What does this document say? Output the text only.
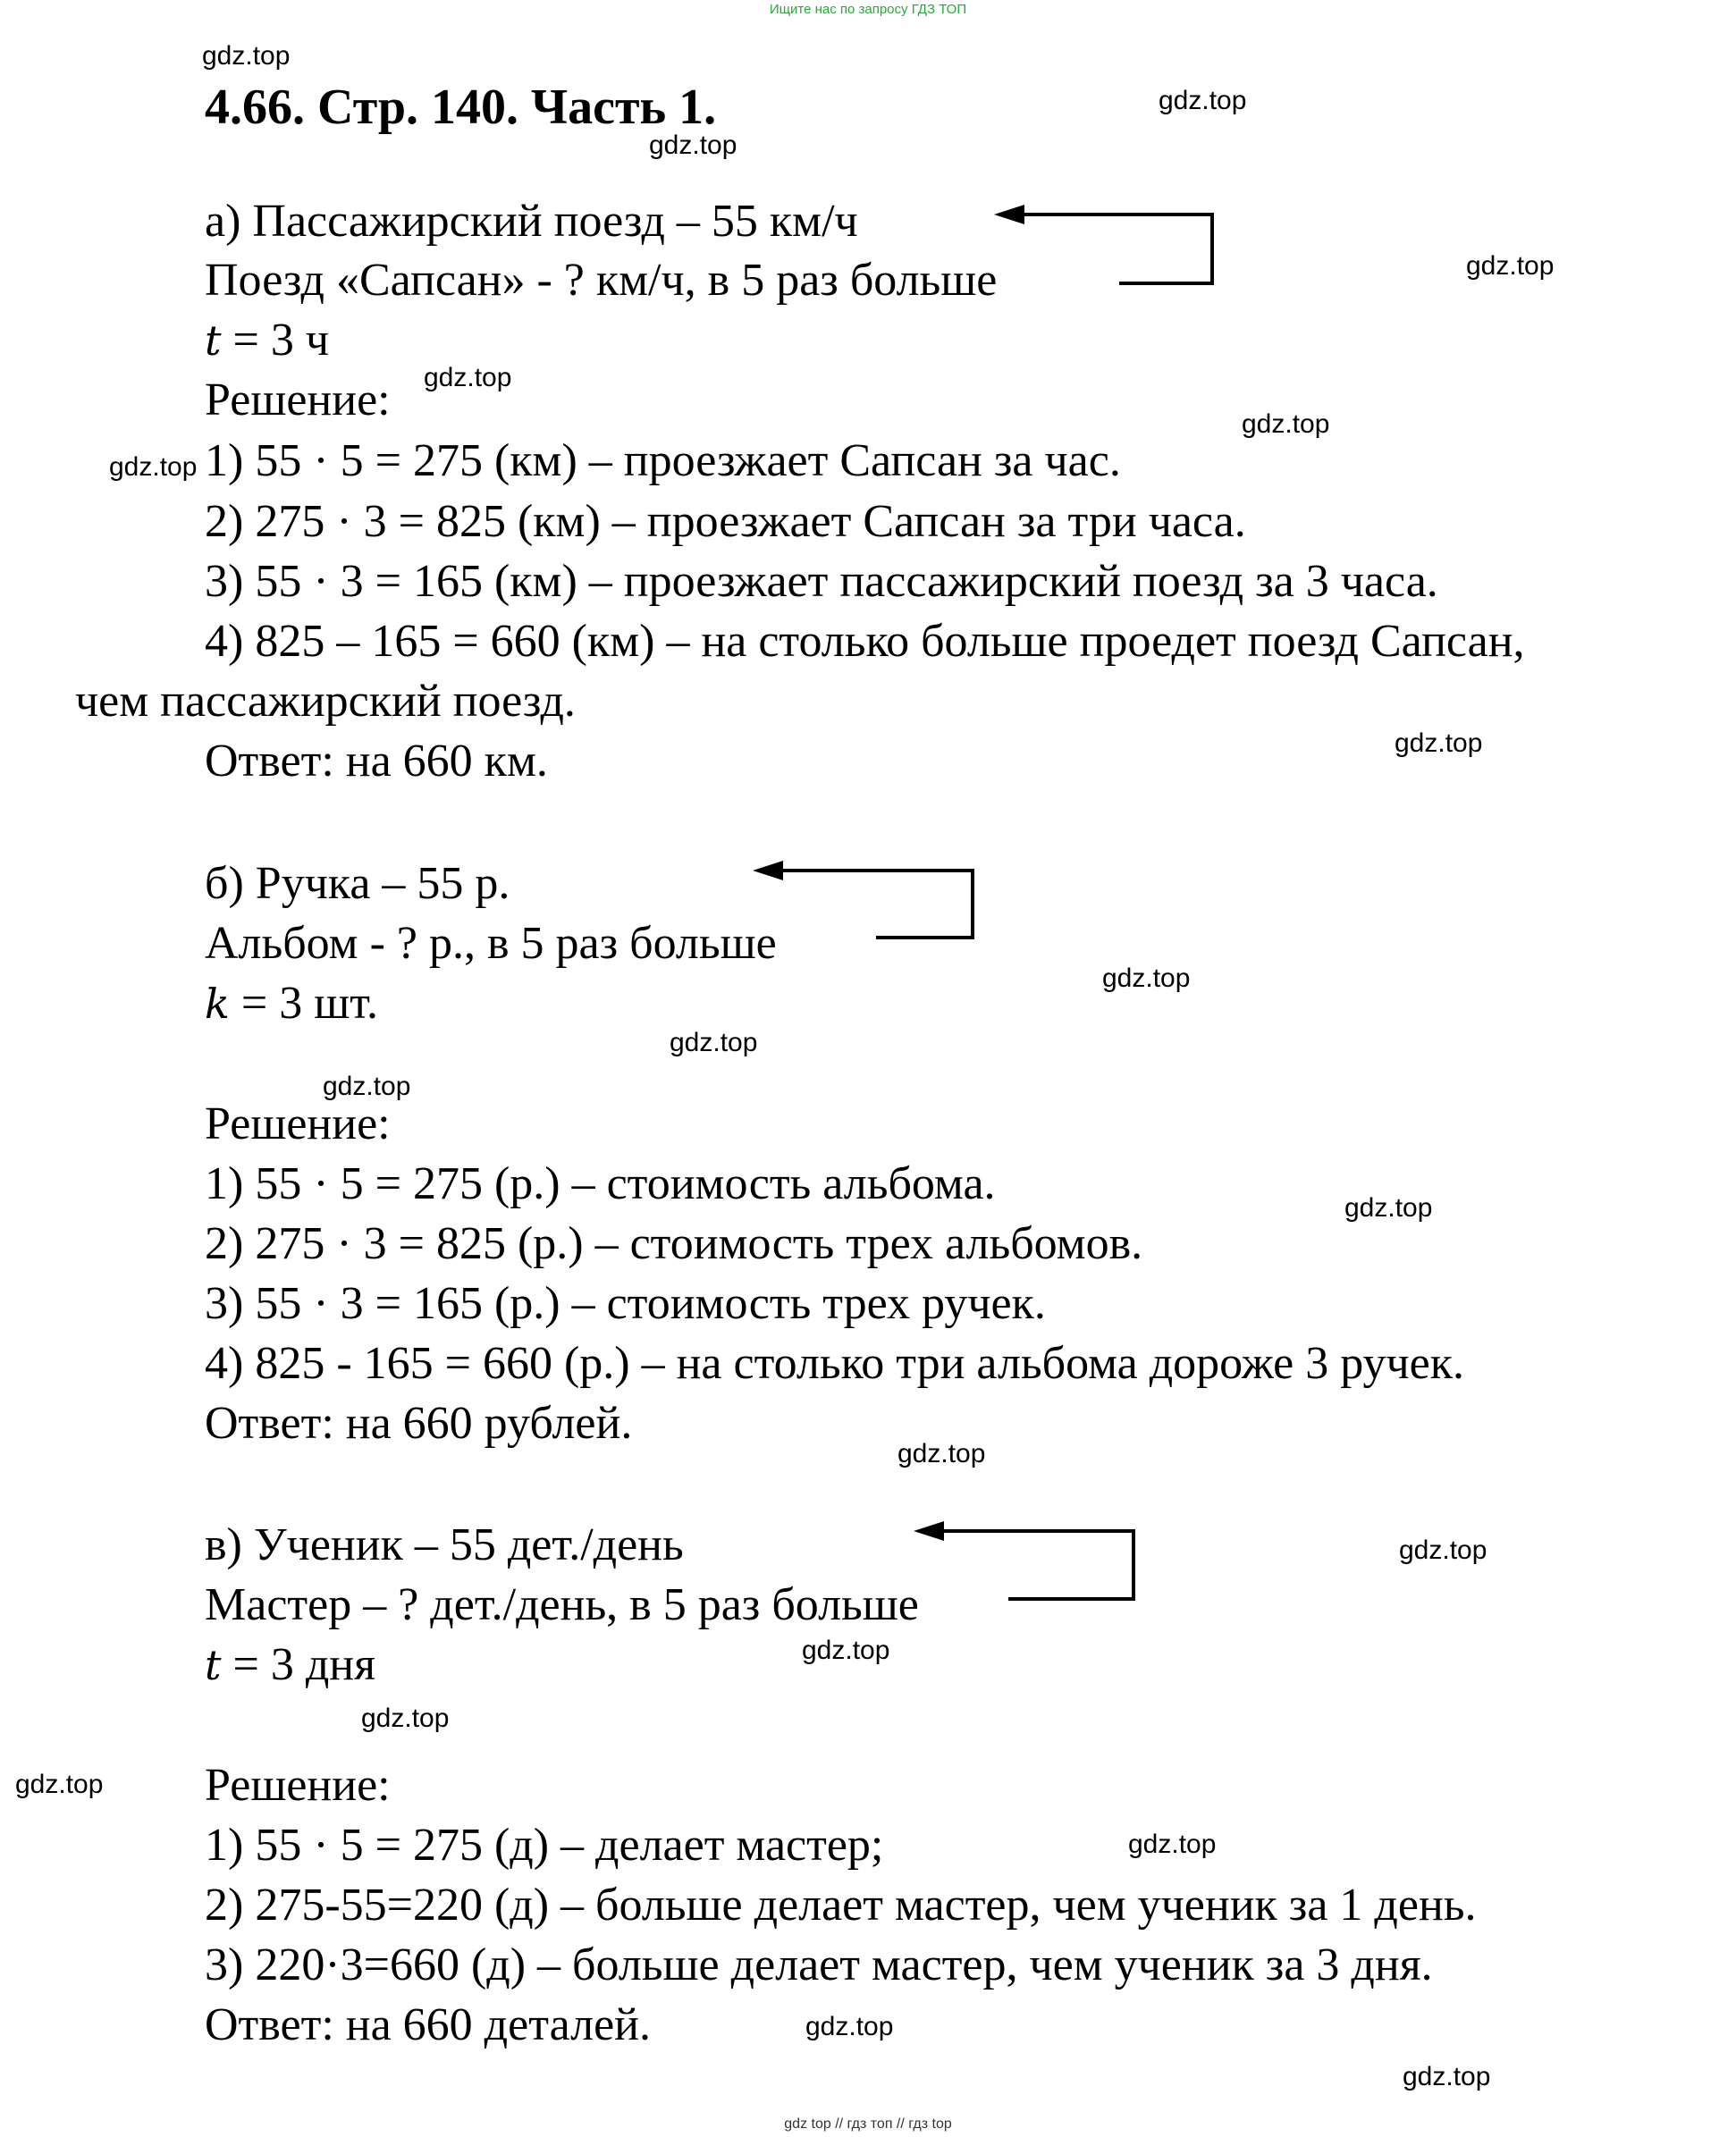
Ищите нас по запросу ГДЗ ТОП
4.66. Стр. 140. Часть 1.
а) Пассажирский поезд – 55 км/ч
Поезд «Сапсан» - ? км/ч, в 5 раз больше
t = 3 ч
Решение:
1) 55 · 5 = 275 (км) – проезжает Сапсан за час.
2) 275 · 3 = 825 (км) – проезжает Сапсан за три часа.
3) 55 · 3 = 165 (км) – проезжает пассажирский поезд за 3 часа.
4) 825 – 165 = 660 (км) – на столько больше проедет поезд Сапсан,
чем пассажирский поезд.
Ответ: на 660 км.
б) Ручка – 55 р.
Альбом - ? р., в 5 раз больше
k = 3 шт.
Решение:
1) 55 · 5 = 275 (р.) – стоимость альбома.
2) 275 · 3 = 825 (р.) – стоимость трех альбомов.
3) 55 · 3 = 165 (р.) – стоимость трех ручек.
4) 825 - 165 = 660 (р.) – на столько три альбома дороже 3 ручек.
Ответ: на 660 рублей.
в) Ученик – 55 дет./день
Мастер – ? дет./день, в 5 раз больше
t = 3 дня
Решение:
1) 55 · 5 = 275 (д) – делает мастер;
2) 275-55=220 (д) – больше делает мастер, чем ученик за 1 день.
3) 220·3=660 (д) – больше делает мастер, чем ученик за 3 дня.
Ответ: на 660 деталей.
gdz.top
gdz.top
gdz.top
gdz.top
gdz.top
gdz.top
gdz.top
gdz.top
gdz.top
gdz.top
gdz.top
gdz.top
gdz.top
gdz.top
gdz.top
gdz.top
gdz.top
gdz.top
gdz.top
gdz.top
gdz top // гдз топ // гдз top
